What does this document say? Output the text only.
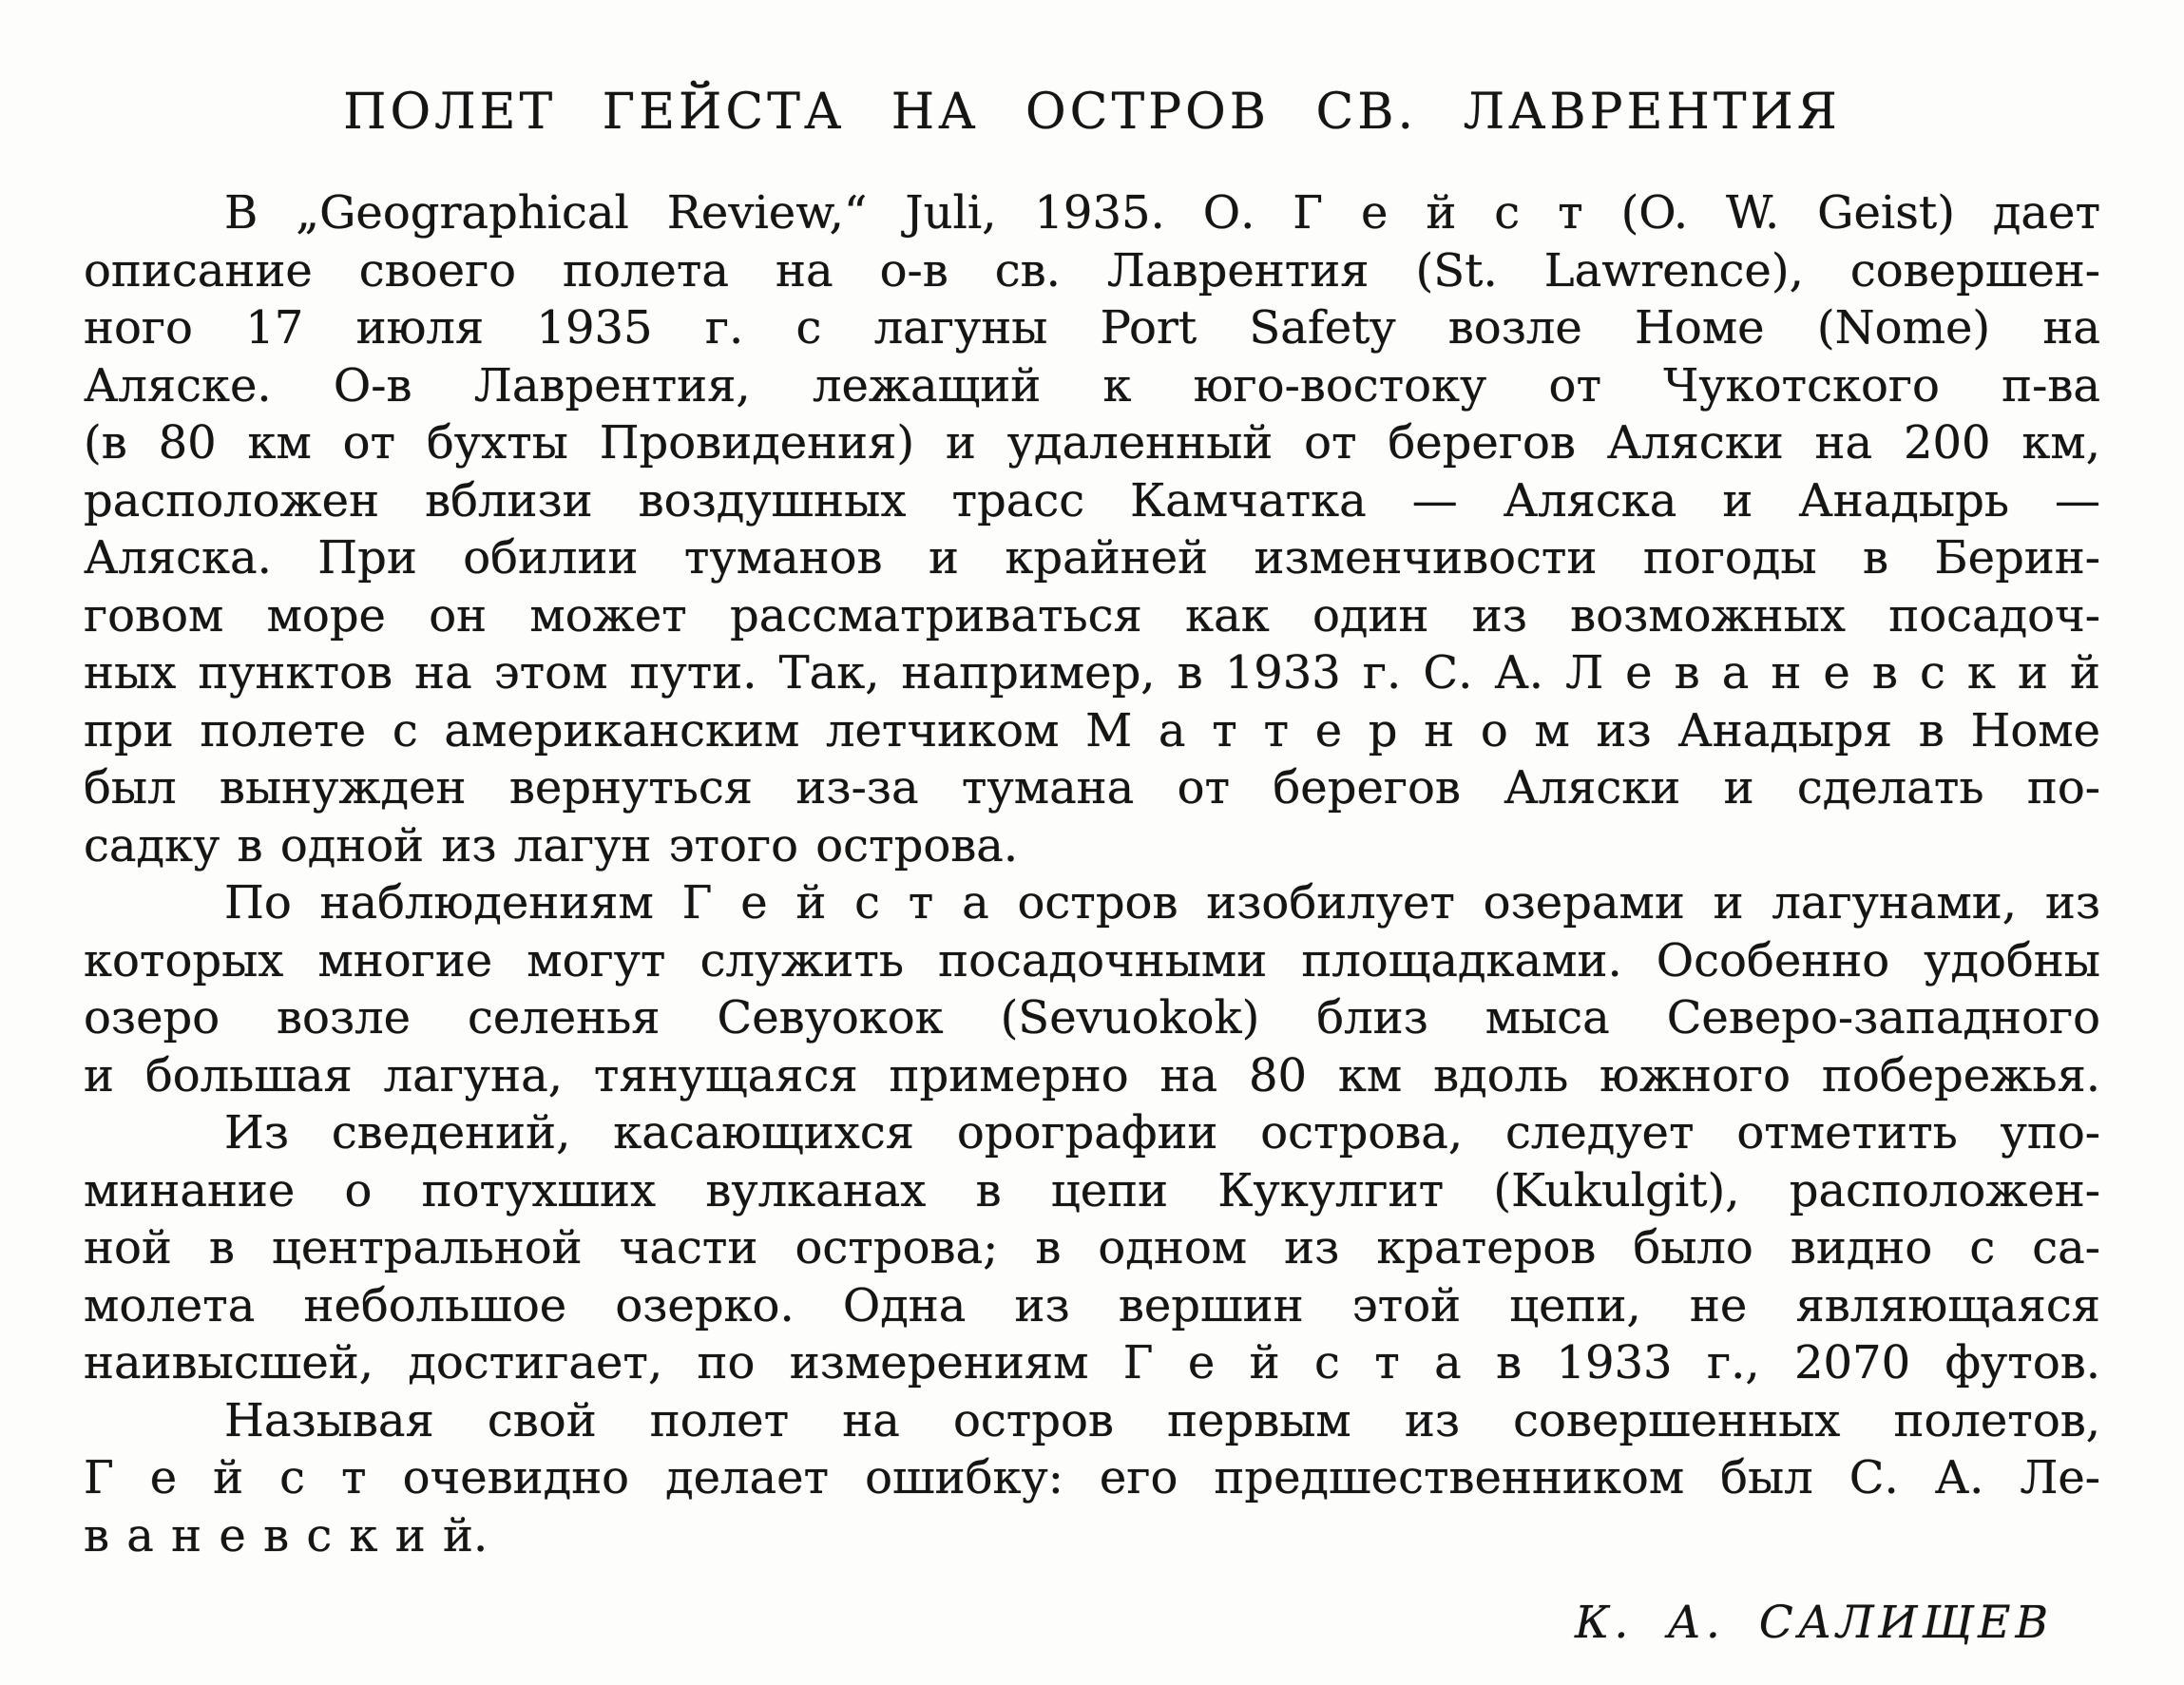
ПОЛЕТ ГЕЙСТА НА ОСТРОВ СВ. ЛАВРЕНТИЯ
В „Geographical Review,“ Juli, 1935. О. Г е й с т (O. W. Geist) дает
описание своего полета на о-в св. Лаврентия (St. Lawrence), совершен-
ного 17 июля 1935 г. с лагуны Port Safety возле Номе (Nome) на
Аляске. О-в Лаврентия, лежащий к юго-востоку от Чукотского п-ва
(в 80 км от бухты Провидения) и удаленный от берегов Аляски на 200 км,
расположен вблизи воздушных трасс Камчатка — Аляска и Анадырь —
Аляска. При обилии туманов и крайней изменчивости погоды в Берин-
говом море он может рассматриваться как один из возможных посадоч-
ных пунктов на этом пути. Так, например, в 1933 г. С. А. Л е в а н е в с к и й
при полете с американским летчиком М а т т е р н о м из Анадыря в Номе
был вынужден вернуться из-за тумана от берегов Аляски и сделать по-
садку в одной из лагун этого острова.
По наблюдениям Г е й с т а остров изобилует озерами и лагунами, из
которых многие могут служить посадочными площадками. Особенно удобны
озеро возле селенья Севуокок (Sevuokok) близ мыса Северо-западного
и большая лагуна, тянущаяся примерно на 80 км вдоль южного побережья.
Из сведений, касающихся орографии острова, следует отметить упо-
минание о потухших вулканах в цепи Кукулгит (Kukulgit), расположен-
ной в центральной части острова; в одном из кратеров было видно с са-
молета небольшое озерко. Одна из вершин этой цепи, не являющаяся
наивысшей, достигает, по измерениям Г е й с т а в 1933 г., 2070 футов.
Называя свой полет на остров первым из совершенных полетов,
Г е й с т очевидно делает ошибку: его предшественником был С. А. Ле-
в а н е в с к и й.
К. А. САЛИЩЕВ
